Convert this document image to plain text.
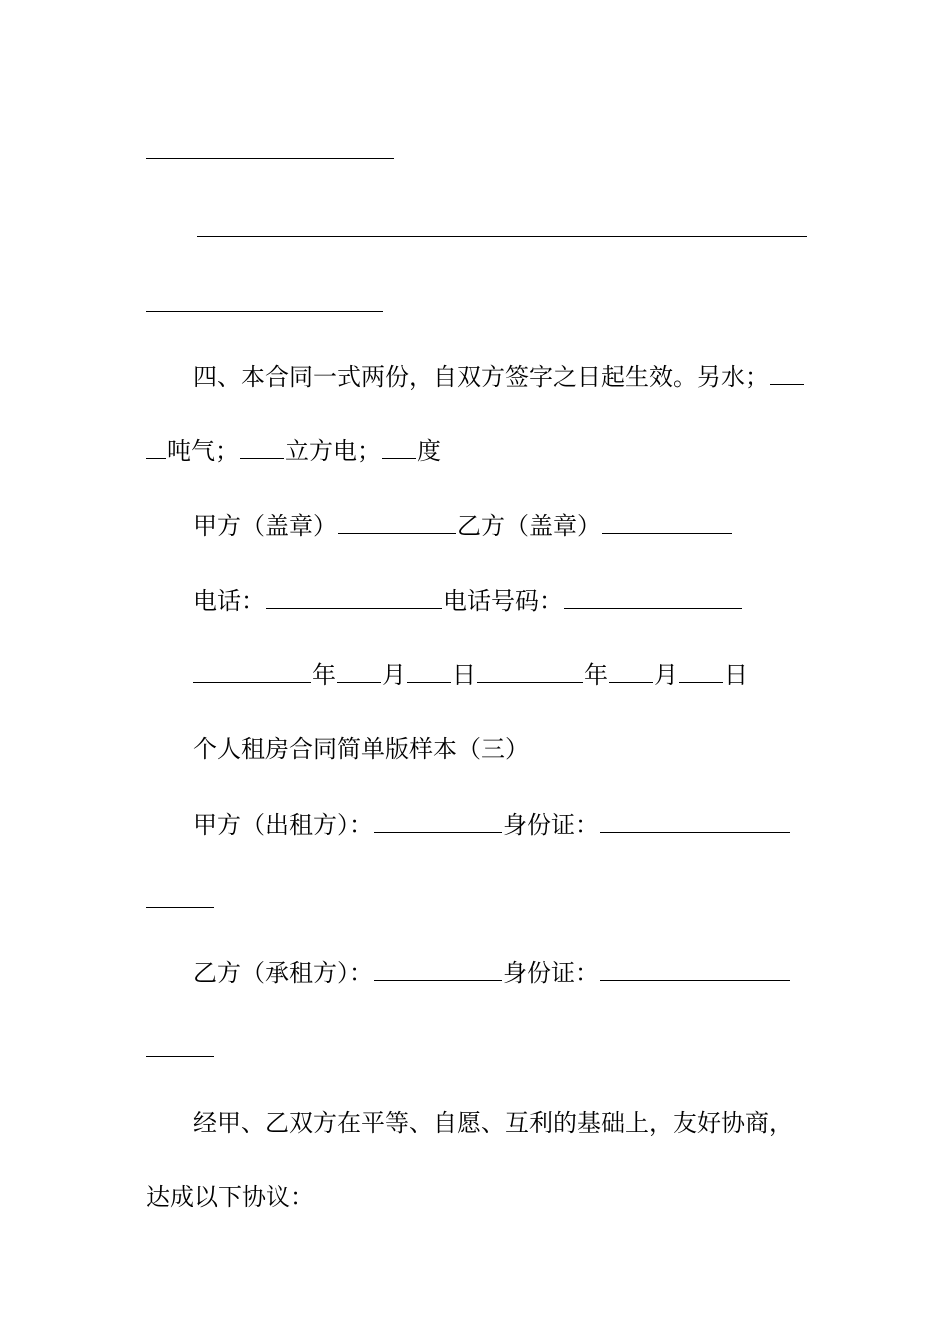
四、本合同一式两份，自双方签字之日起生效。另水；
吨气； 立方电； 度
甲方（盖章）	乙方（盖章）
电话：	电话号码：
年 月 日	年 月 日
个人租房合同简单版样本（三）
甲方（出租方）：	身份证：
乙方（承租方）：	身份证：
经甲、乙双方在平等、自愿、互利的基础上，友好协商，
达成以下协议：
